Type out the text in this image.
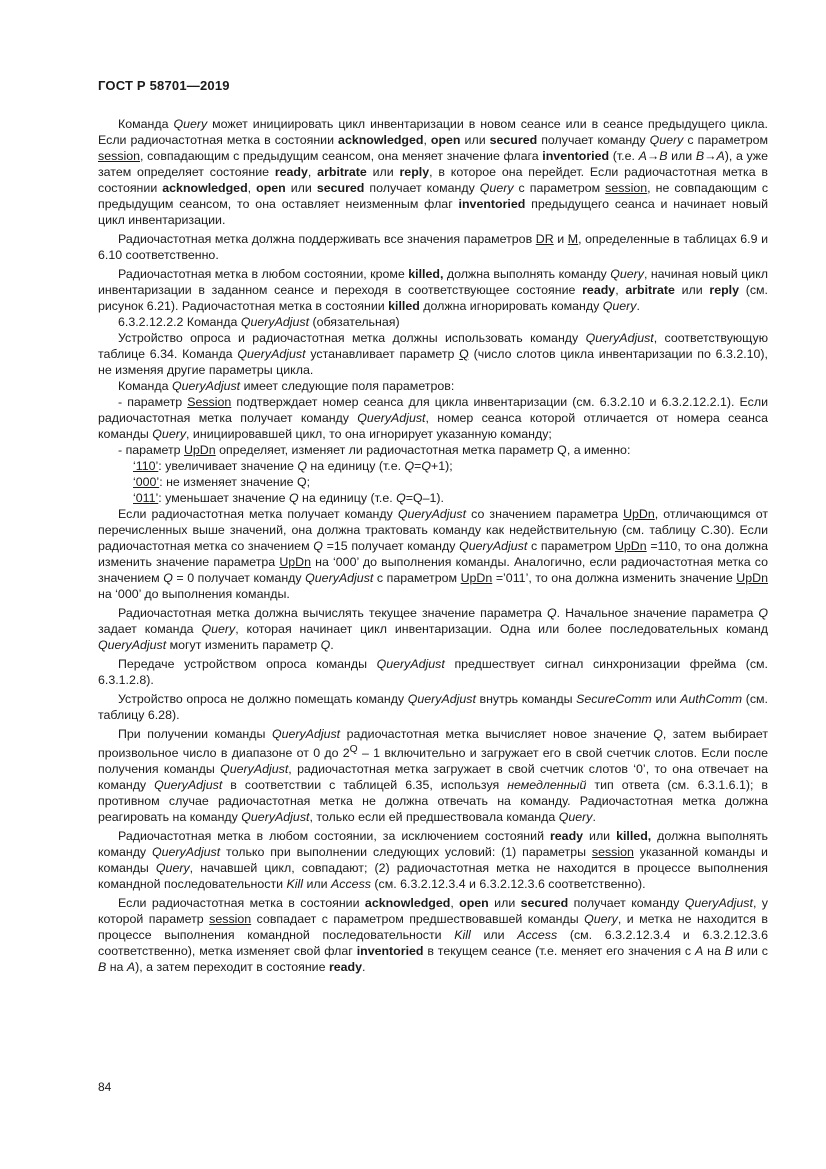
ГОСТ Р 58701—2019

Команда Query может инициировать цикл инвентаризации в новом сеансе или в сеансе предыдущего цикла. Если радиочастотная метка в состоянии acknowledged, open или secured получает команду Query с параметром session, совпадающим с предыдущим сеансом, она меняет значение флага inventoried (т.е. A→B или B→A), а уже затем определяет состояние ready, arbitrate или reply, в которое она перейдет. Если радиочастотная метка в состоянии acknowledged, open или secured получает команду Query с параметром session, не совпадающим с предыдущим сеансом, то она оставляет неизменным флаг inventoried предыдущего сеанса и начинает новый цикл инвентаризации.

Радиочастотная метка должна поддерживать все значения параметров DR и M, определенные в таблицах 6.9 и 6.10 соответственно.

Радиочастотная метка в любом состоянии, кроме killed, должна выполнять команду Query, начиная новый цикл инвентаризации в заданном сеансе и переходя в соответствующее состояние ready, arbitrate или reply (см. рисунок 6.21). Радиочастотная метка в состоянии killed должна игнорировать команду Query.

6.3.2.12.2.2 Команда QueryAdjust (обязательная)

Устройство опроса и радиочастотная метка должны использовать команду QueryAdjust, соответствующую таблице 6.34. Команда QueryAdjust устанавливает параметр Q (число слотов цикла инвентаризации по 6.3.2.10), не изменяя другие параметры цикла.

Команда QueryAdjust имеет следующие поля параметров:

- параметр Session подтверждает номер сеанса для цикла инвентаризации (см. 6.3.2.10 и 6.3.2.12.2.1). Если радиочастотная метка получает команду QueryAdjust, номер сеанса которой отличается от номера сеанса команды Query, инициировавшей цикл, то она игнорирует указанную команду;

- параметр UpDn определяет, изменяет ли радиочастотная метка параметр Q, а именно:

‘110’: увеличивает значение Q на единицу (т.е. Q=Q+1);

‘000’: не изменяет значение Q;

‘011’: уменьшает значение Q на единицу (т.е. Q=Q–1).

Если радиочастотная метка получает команду QueryAdjust со значением параметра UpDn, отличающимся от перечисленных выше значений, она должна трактовать команду как недействительную (см. таблицу С.30). Если радиочастотная метка со значением Q =15 получает команду QueryAdjust с параметром UpDn =110, то она должна изменить значение параметра UpDn на ‘000’ до выполнения команды. Аналогично, если радиочастотная метка со значением Q = 0 получает команду QueryAdjust с параметром UpDn =’011’, то она должна изменить значение UpDn на ‘000’ до выполнения команды.

Радиочастотная метка должна вычислять текущее значение параметра Q. Начальное значение параметра Q задает команда Query, которая начинает цикл инвентаризации. Одна или более последовательных команд QueryAdjust могут изменить параметр Q.

Передаче устройством опроса команды QueryAdjust предшествует сигнал синхронизации фрейма (см. 6.3.1.2.8).

Устройство опроса не должно помещать команду QueryAdjust внутрь команды SecureComm или AuthComm (см. таблицу 6.28).

При получении команды QueryAdjust радиочастотная метка вычисляет новое значение Q, затем выбирает произвольное число в диапазоне от 0 до $2^Q - 1$ включительно и загружает его в свой счетчик слотов. Если после получения команды QueryAdjust, радиочастотная метка загружает в свой счетчик слотов ‘0’, то она отвечает на команду QueryAdjust в соответствии с таблицей 6.35, используя немедленный тип ответа (см. 6.3.1.6.1); в противном случае радиочастотная метка не должна отвечать на команду. Радиочастотная метка должна реагировать на команду QueryAdjust, только если ей предшествовала команда Query.

Радиочастотная метка в любом состоянии, за исключением состояний ready или killed, должна выполнять команду QueryAdjust только при выполнении следующих условий: (1) параметры session указанной команды и команды Query, начавшей цикл, совпадают; (2) радиочастотная метка не находится в процессе выполнения командной последовательности Kill или Access (см. 6.3.2.12.3.4 и 6.3.2.12.3.6 соответственно).

Если радиочастотная метка в состоянии acknowledged, open или secured получает команду QueryAdjust, у которой параметр session совпадает с параметром предшествовавшей команды Query, и метка не находится в процессе выполнения командной последовательности Kill или Access (см. 6.3.2.12.3.4 и 6.3.2.12.3.6 соответственно), метка изменяет свой флаг inventoried в текущем сеансе (т.е. меняет его значения с A на B или с B на A), а затем переходит в состояние ready.

84
